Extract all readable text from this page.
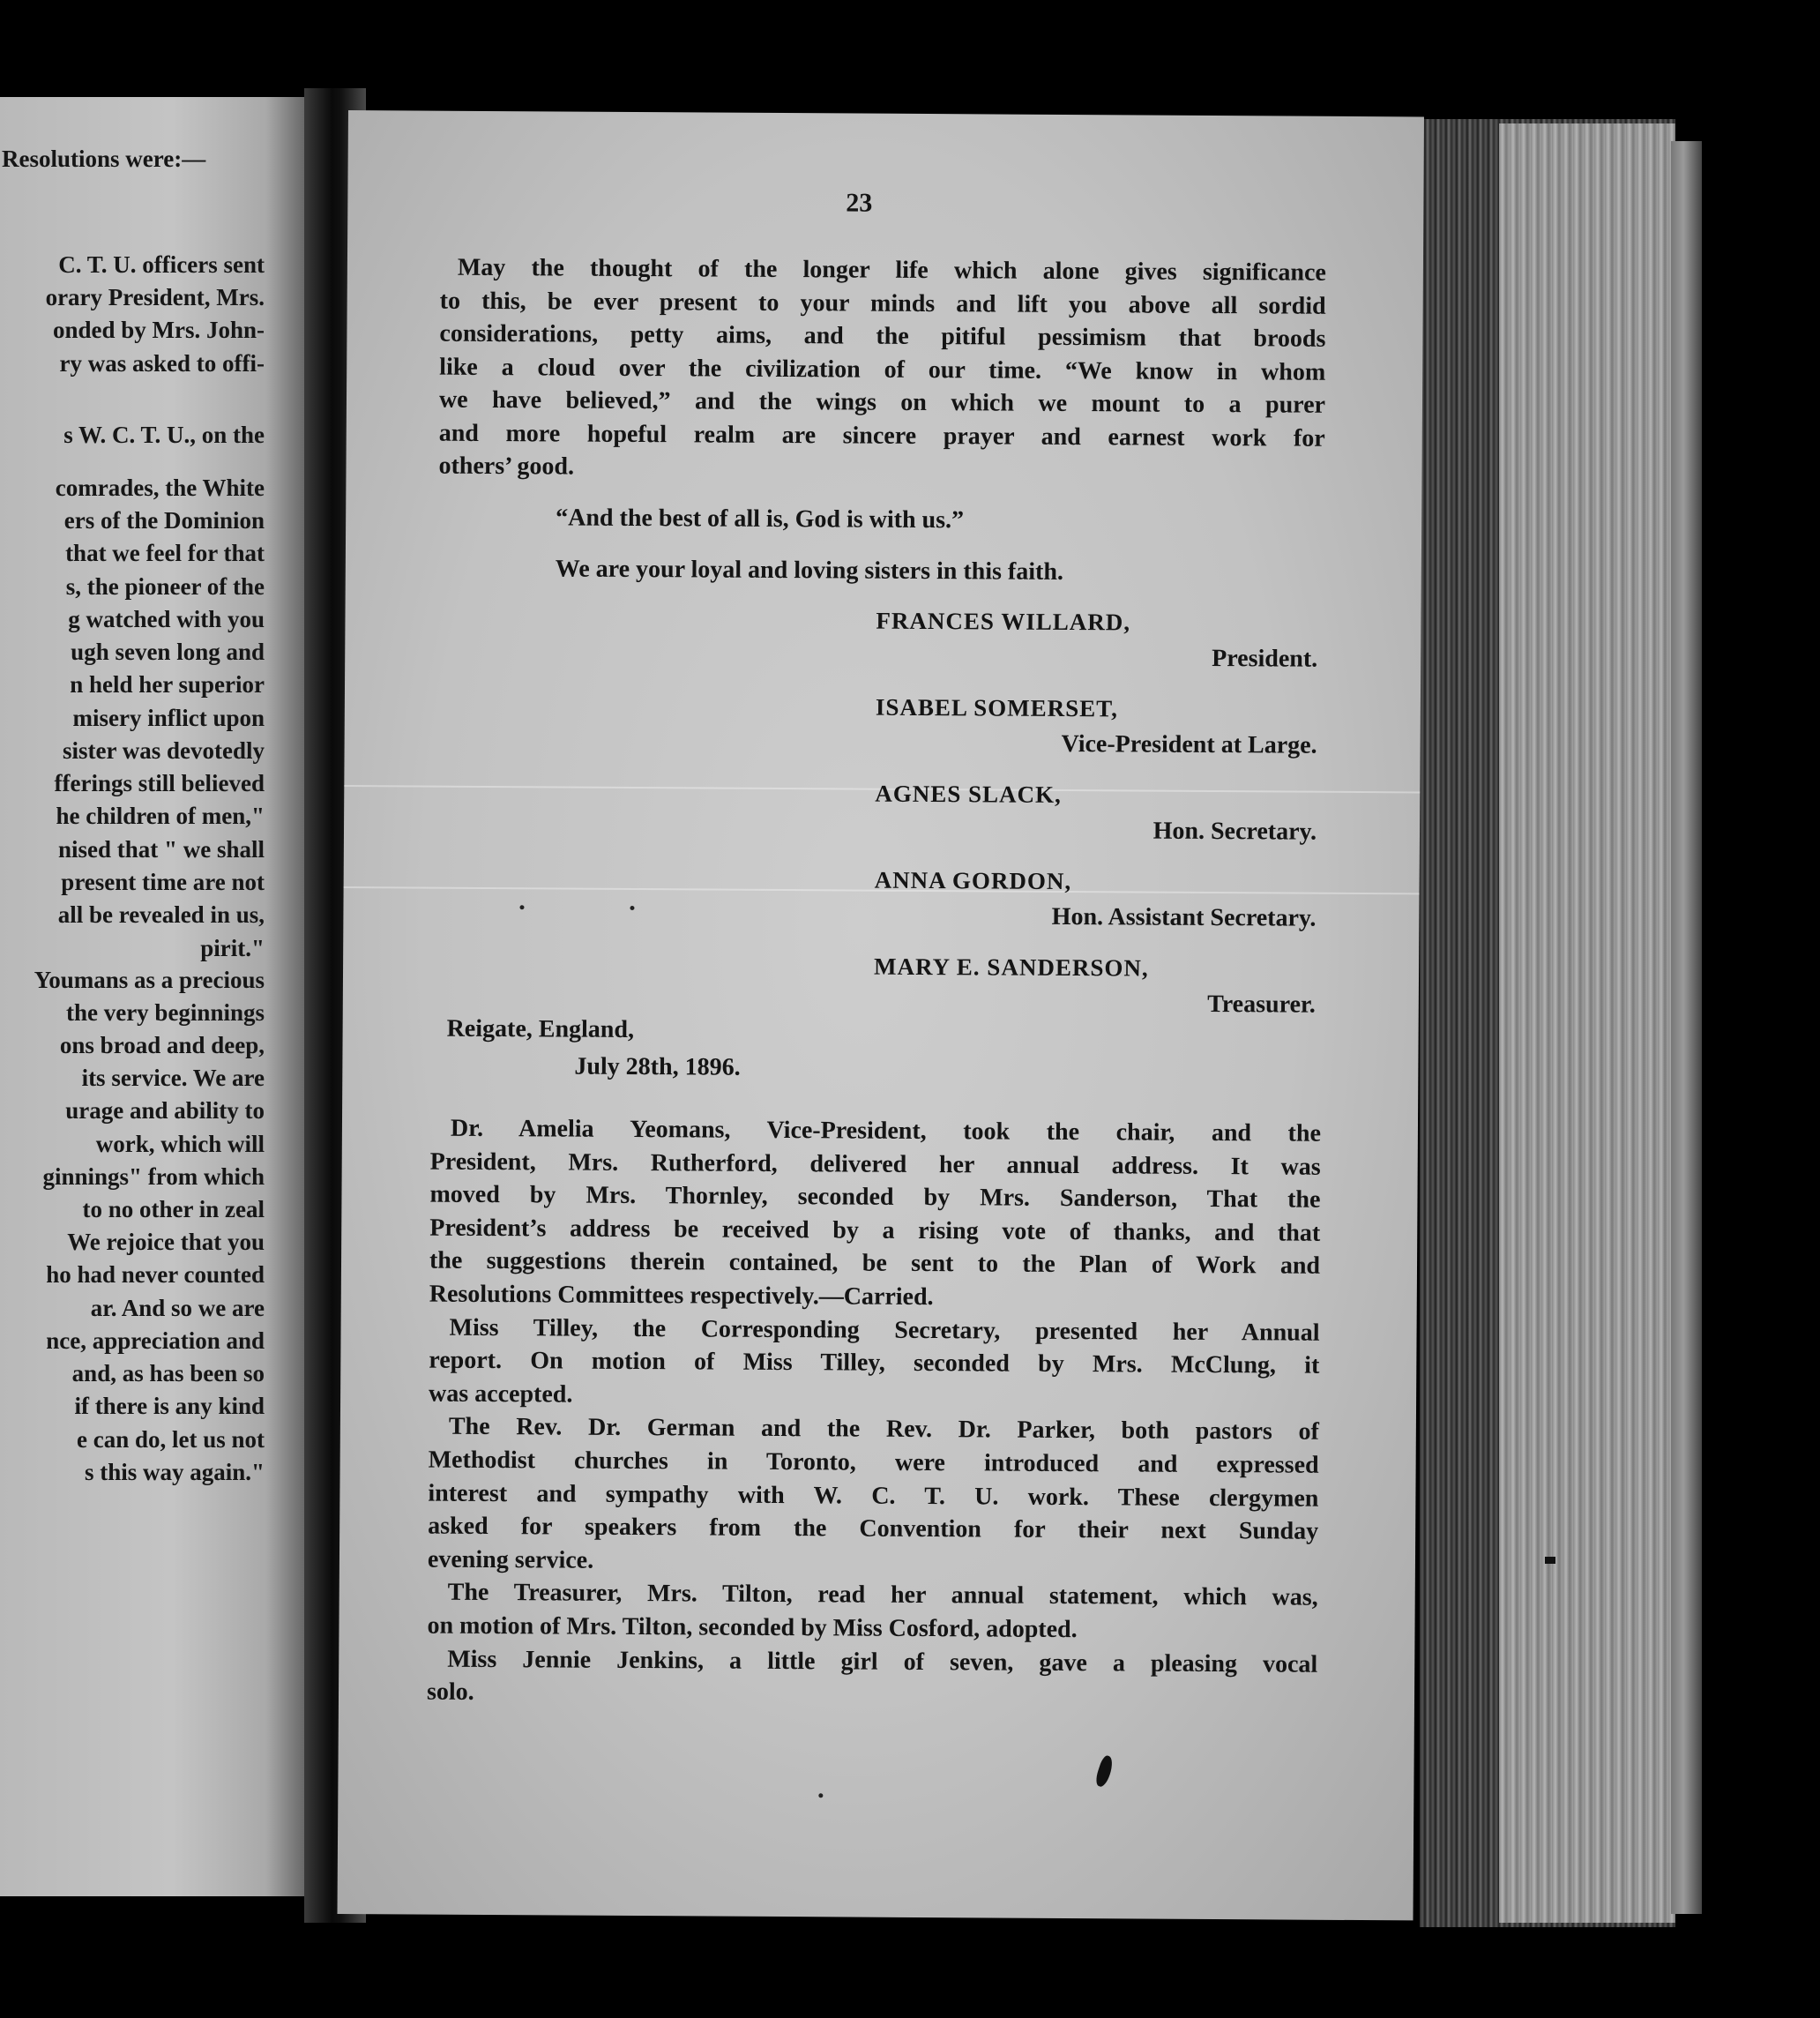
Resolutions were:—
C. T. U. officers sent
orary President, Mrs.
onded by Mrs. John-
ry was asked to offi-
s W. C. T. U., on the
comrades, the White
ers of the Dominion
that we feel for that
s, the pioneer of the
g watched with you
ugh seven long and
n held her superior
misery inflict upon
sister was devotedly
fferings still believed
he children of men,"
nised that " we shall
present time are not
all be revealed in us,
pirit."
Youmans as a precious
the very beginnings
ons broad and deep,
its service. We are
urage and ability to
work, which will
ginnings" from which
to no other in zeal
We rejoice that you
ho had never counted
ar. And so we are
nce, appreciation and
and, as has been so
if there is any kind
e can do, let us not
s this way again."
23
May the thought of the longer life which alone gives significance
to this, be ever present to your minds and lift you above all sordid
considerations, petty aims, and the pitiful pessimism that broods
like a cloud over the civilization of our time. “We know in whom
we have believed,” and the wings on which we mount to a purer
and more hopeful realm are sincere prayer and earnest work for
others’ good.
“And the best of all is, God is with us.”
We are your loyal and loving sisters in this faith.
FRANCES WILLARD,
President.
ISABEL SOMERSET,
Vice-President at Large.
AGNES SLACK,
Hon. Secretary.
ANNA GORDON,
Hon. Assistant Secretary.
MARY E. SANDERSON,
Treasurer.
Reigate, England,
July 28th, 1896.
Dr. Amelia Yeomans, Vice-President, took the chair, and the
President, Mrs. Rutherford, delivered her annual address. It was
moved by Mrs. Thornley, seconded by Mrs. Sanderson, That the
President’s address be received by a rising vote of thanks, and that
the suggestions therein contained, be sent to the Plan of Work and
Resolutions Committees respectively.—Carried.
Miss Tilley, the Corresponding Secretary, presented her Annual
report. On motion of Miss Tilley, seconded by Mrs. McClung, it
was accepted.
The Rev. Dr. German and the Rev. Dr. Parker, both pastors of
Methodist churches in Toronto, were introduced and expressed
interest and sympathy with W. C. T. U. work. These clergymen
asked for speakers from the Convention for their next Sunday
evening service.
The Treasurer, Mrs. Tilton, read her annual statement, which was,
on motion of Mrs. Tilton, seconded by Miss Cosford, adopted.
Miss Jennie Jenkins, a little girl of seven, gave a pleasing vocal
solo.
